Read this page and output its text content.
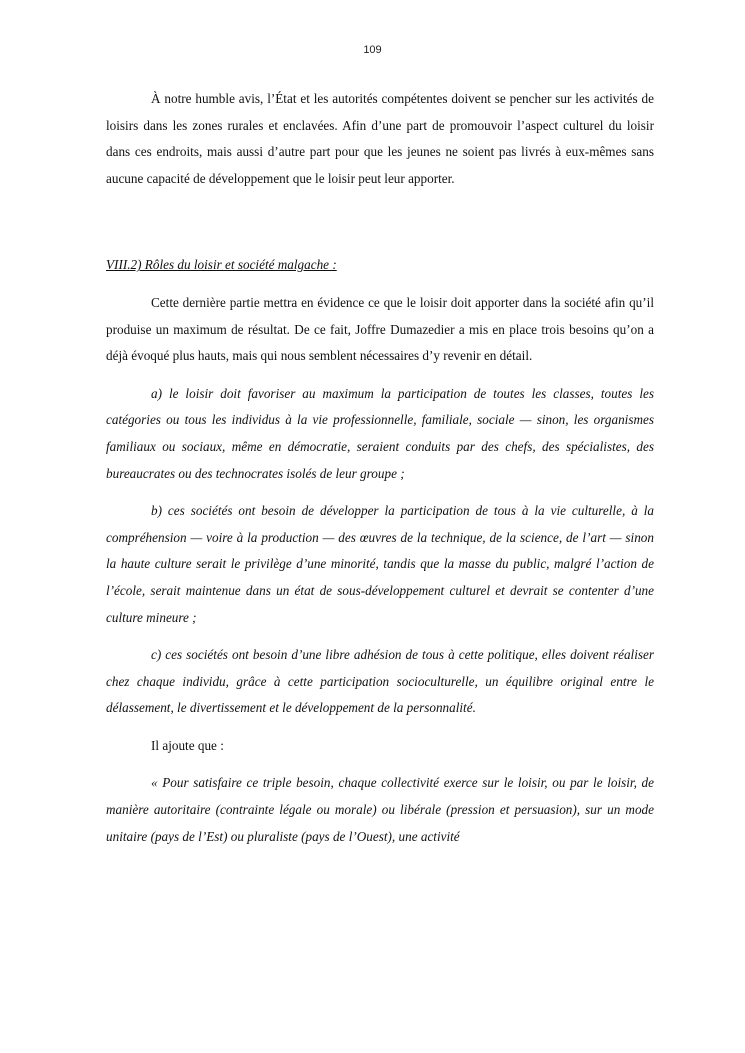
109

À notre humble avis, l’État et les autorités compétentes doivent se pencher sur les activités de loisirs dans les zones rurales et enclavées. Afin d’une part de promouvoir l’aspect culturel du loisir dans ces endroits, mais aussi d’autre part pour que les jeunes ne soient pas livrés à eux-mêmes sans aucune capacité de développement que le loisir peut leur apporter.

VIII.2) Rôles du loisir et société malgache :

Cette dernière partie mettra en évidence ce que le loisir doit apporter dans la société afin qu’il produise un maximum de résultat. De ce fait, Joffre Dumazedier a mis en place trois besoins qu’on a déjà évoqué plus hauts, mais qui nous semblent nécessaires d’y revenir en détail.

a) le loisir doit favoriser au maximum la participation de toutes les classes, toutes les catégories ou tous les individus à la vie professionnelle, familiale, sociale — sinon, les organismes familiaux ou sociaux, même en démocratie, seraient conduits par des chefs, des spécialistes, des bureaucrates ou des technocrates isolés de leur groupe ;

b) ces sociétés ont besoin de développer la participation de tous à la vie culturelle, à la compréhension — voire à la production — des œuvres de la technique, de la science, de l’art — sinon la haute culture serait le privilège d’une minorité, tandis que la masse du public, malgré l’action de l’école, serait maintenue dans un état de sous-développement culturel et devrait se contenter d’une culture mineure ;

c) ces sociétés ont besoin d’une libre adhésion de tous à cette politique, elles doivent réaliser chez chaque individu, grâce à cette participation socioculturelle, un équilibre original entre le délassement, le divertissement et le développement de la personnalité.

Il ajoute que :

« Pour satisfaire ce triple besoin, chaque collectivité exerce sur le loisir, ou par le loisir, de manière autoritaire (contrainte légale ou morale) ou libérale (pression et persuasion), sur un mode unitaire (pays de l’Est) ou pluraliste (pays de l’Ouest), une activité
